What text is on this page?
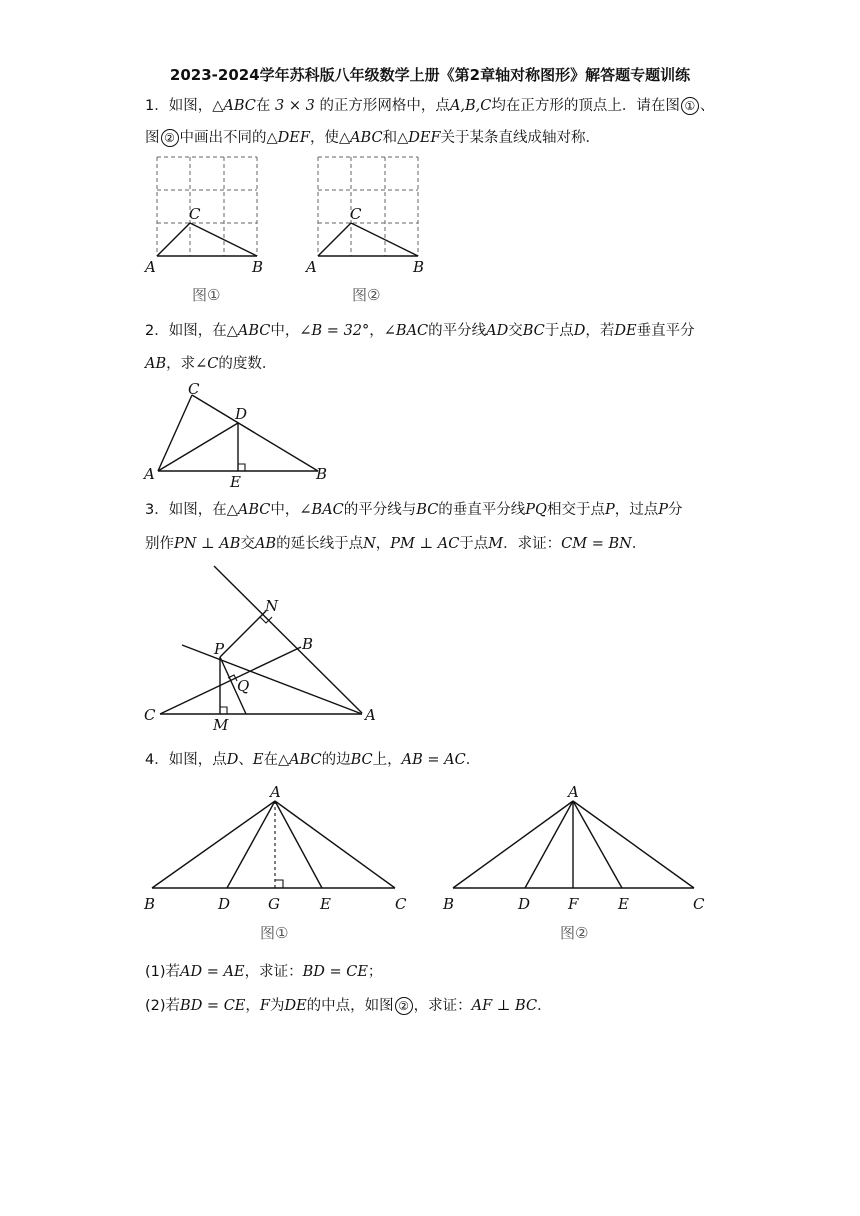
2023-2024学年苏科版八年级数学上册《第2章轴对称图形》解答题专题训练
1．如图，△ABC在 3 × 3 的正方形网格中，点A,B,C均在正方形的顶点上．请在图 ① 、
图 ② 中画出不同的△DEF，使△ABC和△DEF关于某条直线成轴对称．
A	B
C
图①
A	B
C
图②
2．如图，在△ABC中，∠B = 32°，∠BAC的平分线AD交BC于点D，若DE垂直平分
AB，求∠C的度数．
A	B
C
D
E
3．如图，在△ABC中，∠BAC的平分线与BC的垂直平分线PQ相交于点P，过点P分
别作PN ⊥ AB交AB的延长线于点N，PM ⊥ AC于点M．求证：CM = BN．
A
B
C
M
N
P
Q
4．如图，点D、E在△ABC的边BC上，AB = AC．
A
B	D	G	E	C
图①
A
B	D	F	E	C
图②
(1)若AD = AE，求证：BD = CE；
(2)若BD = CE，F为DE的中点，如图 ② ，求证：AF ⊥ BC．
